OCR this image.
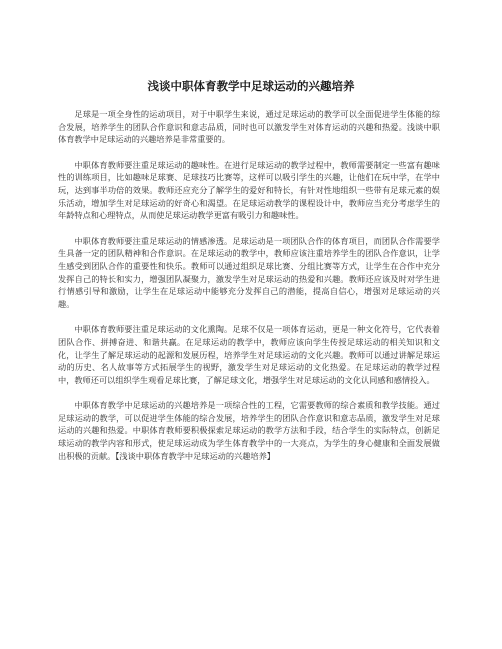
浅谈中职体育教学中足球运动的兴趣培养

足球是一项全身性的运动项目，对于中职学生来说，通过足球运动的教学可以全面促进学生体能的综合发展，培养学生的团队合作意识和意志品质，同时也可以激发学生对体育运动的兴趣和热爱。浅谈中职体育教学中足球运动的兴趣培养是非常重要的。

中职体育教师要注重足球运动的趣味性。在进行足球运动的教学过程中，教师需要制定一些富有趣味性的训练项目，比如趣味足球赛、足球技巧比赛等，这样可以吸引学生的兴趣，让他们在玩中学，在学中玩，达到事半功倍的效果。教师还应充分了解学生的爱好和特长，有针对性地组织一些带有足球元素的娱乐活动，增加学生对足球运动的好奇心和渴望。在足球运动教学的课程设计中，教师应当充分考虑学生的年龄特点和心理特点，从而使足球运动教学更富有吸引力和趣味性。

中职体育教师要注重足球运动的情感渗透。足球运动是一项团队合作的体育项目，而团队合作需要学生具备一定的团队精神和合作意识。在足球运动的教学中，教师应该注重培养学生的团队合作意识，让学生感受到团队合作的重要性和快乐。教师可以通过组织足球比赛、分组比赛等方式，让学生在合作中充分发挥自己的特长和实力，增强团队凝聚力，激发学生对足球运动的热爱和兴趣。教师还应该及时对学生进行情感引导和激励，让学生在足球运动中能够充分发挥自己的潜能，提高自信心，增强对足球运动的兴趣。

中职体育教师要注重足球运动的文化熏陶。足球不仅是一项体育运动，更是一种文化符号，它代表着团队合作、拼搏奋进、和谐共赢。在足球运动的教学中，教师应该向学生传授足球运动的相关知识和文化，让学生了解足球运动的起源和发展历程，培养学生对足球运动的文化兴趣。教师可以通过讲解足球运动的历史、名人故事等方式拓展学生的视野，激发学生对足球运动的文化热爱。在足球运动的教学过程中，教师还可以组织学生观看足球比赛，了解足球文化，增强学生对足球运动的文化认同感和感情投入。

中职体育教学中足球运动的兴趣培养是一项综合性的工程，它需要教师的综合素质和教学技能。通过足球运动的教学，可以促进学生体能的综合发展，培养学生的团队合作意识和意志品质，激发学生对足球运动的兴趣和热爱。中职体育教师要积极探索足球运动的教学方法和手段，结合学生的实际特点，创新足球运动的教学内容和形式，使足球运动成为学生体育教学中的一大亮点，为学生的身心健康和全面发展做出积极的贡献。【浅谈中职体育教学中足球运动的兴趣培养】
